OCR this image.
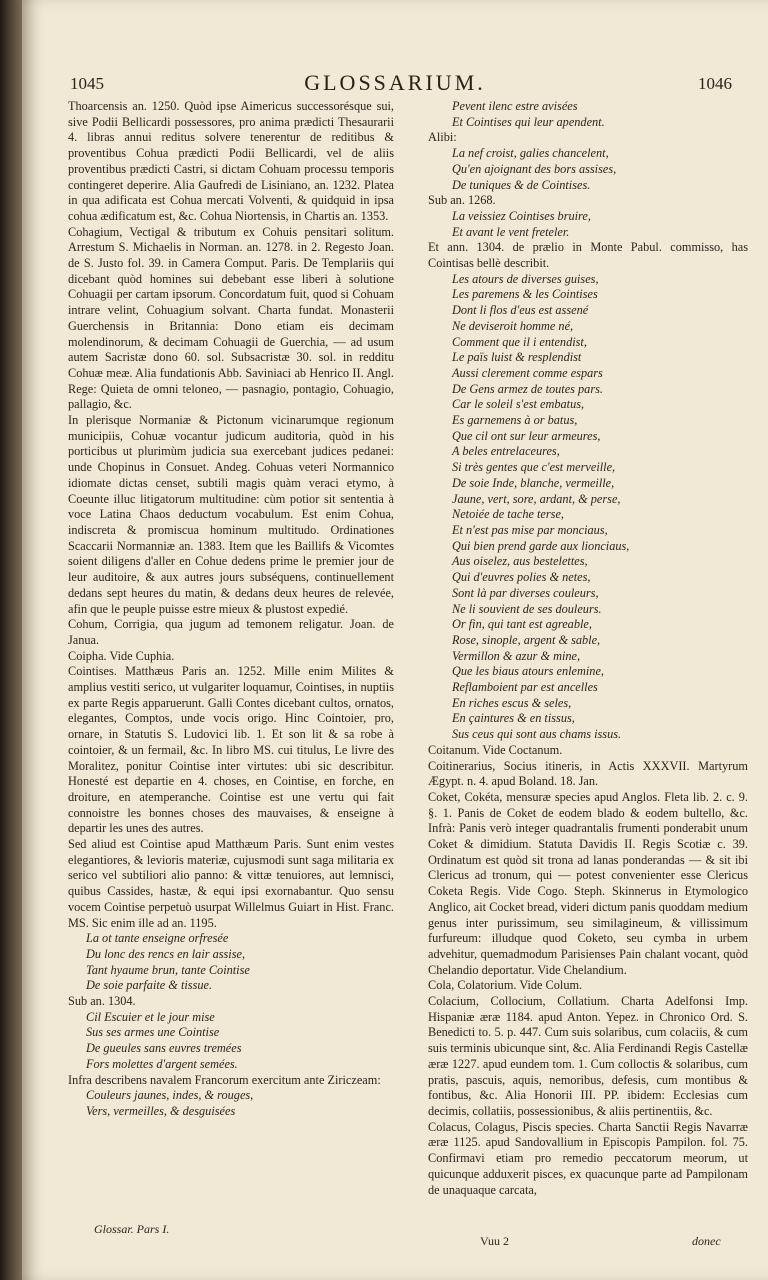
1045	GLOSSARIUM.	1046

Thoarcensis an. 1250. Quòd ipse Aimericus successorésque sui, sive Podii Bellicardi possessores, pro anima prædicti Thesaurarii 4. libras annui reditus solvere tenerentur de reditibus & proventibus Cohua prædicti Podii Bellicardi, vel de aliis proventibus prædicti Castri, si dictam Cohuam processu temporis contingeret deperire. Alia Gaufredi de Lisiniano, an. 1232. Platea in qua adificata est Cohua mercati Volventi, & quidquid in ipsa cohua ædificatum est, &c. Cohua Niortensis, in Chartis an. 1353.

Cohagium, Vectigal & tributum ex Cohuis pensitari solitum. Arrestum S. Michaelis in Norman. an. 1278. in 2. Regesto Joan. de S. Justo fol. 39. in Camera Comput. Paris. De Templariis qui dicebant quòd homines sui debebant esse liberi à solutione Cohuagii per cartam ipsorum. Concordatum fuit, quod si Cohuam intrare velint, Cohuagium solvant. Charta fundat. Monasterii Guerchensis in Britannia: Dono etiam eis decimam molendinorum, & decimam Cohuagii de Guerchia, — ad usum autem Sacristæ dono 60. sol. Subsacristæ 30. sol. in redditu Cohuæ meæ. Alia fundationis Abb. Saviniaci ab Henrico II. Angl. Rege: Quieta de omni teloneo, — pasnagio, pontagio, Cohuagio, pallagio, &c.

In plerisque Normaniæ & Pictonum vicinarumque regionum municipiis, Cohuæ vocantur judicum auditoria, quòd in his porticibus ut plurimùm judicia sua exercebant judices pedanei: unde Chopinus in Consuet. Andeg. Cohuas veteri Normannico idiomate dictas censet, subtili magis quàm veraci etymo, à Coeunte illuc litigatorum multitudine: cùm potior sit sententia à voce Latina Chaos deductum vocabulum. Est enim Cohua, indiscreta & promiscua hominum multitudo. Ordinationes Scaccarii Normanniæ an. 1383. Item que les Baillifs & Vicomtes soient diligens d'aller en Cohue dedens prime le premier jour de leur auditoire, & aux autres jours subséquens, continuellement dedans sept heures du matin, & dedans deux heures de relevée, afin que le peuple puisse estre mieux & plustost expedié.

Cohum, Corrigia, qua jugum ad temonem religatur. Joan. de Janua.

Coipha. Vide Cuphia.

Cointises. Matthæus Paris an. 1252. Mille enim Milites & amplius vestiti serico, ut vulgariter loquamur, Cointises, in nuptiis ex parte Regis apparuerunt. Galli Contes dicebant cultos, ornatos, elegantes, Comptos, unde vocis origo. Hinc Cointoier, pro, ornare, in Statutis S. Ludovici lib. 1. Et son lit & sa robe à cointoier, & un fermail, &c. In libro MS. cui titulus, Le livre des Moralitez, ponitur Cointise inter virtutes: ubi sic describitur. Honesté est departie en 4. choses, en Cointise, en forche, en droiture, en atemperanche. Cointise est une vertu qui fait connoistre les bonnes choses des mauvaises, & enseigne à departir les unes des autres.

Sed aliud est Cointise apud Matthæum Paris. Sunt enim vestes elegantiores, & levioris materiæ, cujusmodi sunt saga militaria ex serico vel subtiliori alio panno: & vittæ tenuiores, aut lemnisci, quibus Cassides, hastæ, & equi ipsi exornabantur. Quo sensu vocem Cointise perpetuò usurpat Willelmus Guiart in Hist. Franc. MS. Sic enim ille ad an. 1195.

La ot tante enseigne orfresée

Du lonc des rencs en lair assise,

Tant hyaume brun, tante Cointise

De soie parfaite & tissue.

Sub an. 1304.

Cil Escuier et le jour mise

Sus ses armes une Cointise

De gueules sans euvres tremées

Fors molettes d'argent semées.

Infra describens navalem Francorum exercitum ante Ziriczeam:

Couleurs jaunes, indes, & rouges,

Vers, vermeilles, & desguisées

Pevent ilenc estre avisées

Et Cointises qui leur apendent.

Alibi:

La nef croist, galies chancelent,

Qu'en ajoignant des bors assises,

De tuniques & de Cointises.

Sub an. 1268.

La veissiez Cointises bruire,

Et avant le vent freteler.

Et ann. 1304. de prælio in Monte Pabul. commisso, has Cointisas bellè describit.

Les atours de diverses guises,

Les paremens & les Cointises

Dont li flos d'eus est assené

Ne deviseroit homme né,

Comment que il i entendist,

Le païs luist & resplendist

Aussi clerement comme espars

De Gens armez de toutes pars.

Car le soleil s'est embatus,

Es garnemens à or batus,

Que cil ont sur leur armeures,

A beles entrelaceures,

Si très gentes que c'est merveille,

De soie Inde, blanche, vermeille,

Jaune, vert, sore, ardant, & perse,

Netoiée de tache terse,

Et n'est pas mise par monciaus,

Qui bien prend garde aux lionciaus,

Aus oiselez, aus bestelettes,

Qui d'euvres polies & netes,

Sont là par diverses couleurs,

Ne li souvient de ses douleurs.

Or fin, qui tant est agreable,

Rose, sinople, argent & sable,

Vermillon & azur & mine,

Que les biaus atours enlemine,

Reflamboient par est ancelles

En riches escus & seles,

En çaintures & en tissus,

Sus ceus qui sont aus chams issus.

Coitanum. Vide Coctanum.

Coitinerarius, Socius itineris, in Actis XXXVII. Martyrum Ægypt. n. 4. apud Boland. 18. Jan.

Coket, Cokéta, mensuræ species apud Anglos. Fleta lib. 2. c. 9. §. 1. Panis de Coket de eodem blado & eodem bultello, &c. Infrà: Panis verò integer quadrantalis frumenti ponderabit unum Coket & dimidium. Statuta Davidis II. Regis Scotiæ c. 39. Ordinatum est quòd sit trona ad lanas ponderandas — & sit ibi Clericus ad tronum, qui — potest convenienter esse Clericus Coketa Regis. Vide Cogo. Steph. Skinnerus in Etymologico Anglico, ait Cocket bread, videri dictum panis quoddam medium genus inter purissimum, seu similagineum, & villissimum furfureum: illudque quod Coketo, seu cymba in urbem advehitur, quemadmodum Parisienses Pain chalant vocant, quòd Chelandio deportatur. Vide Chelandium.

Cola, Colatorium. Vide Colum.

Colacium, Collocium, Collatium. Charta Adelfonsi Imp. Hispaniæ æræ 1184. apud Anton. Yepez. in Chronico Ord. S. Benedicti to. 5. p. 447. Cum suis solaribus, cum colaciis, & cum suis terminis ubicunque sint, &c. Alia Ferdinandi Regis Castellæ æræ 1227. apud eundem tom. 1. Cum colloctis & solaribus, cum pratis, pascuis, aquis, nemoribus, defesis, cum montibus & fontibus, &c. Alia Honorii III. PP. ibidem: Ecclesias cum decimis, collatiis, possessionibus, & aliis pertinentiis, &c.

Colacus, Colagus, Piscis species. Charta Sanctii Regis Navarræ æræ 1125. apud Sandovallium in Episcopis Pampilon. fol. 75. Confirmavi etiam pro remedio peccatorum meorum, ut quicunque adduxerit pisces, ex quacunque parte ad Pampilonam de unaquaque carcata,

Glossar. Pars I.
Vuu 2	donec
